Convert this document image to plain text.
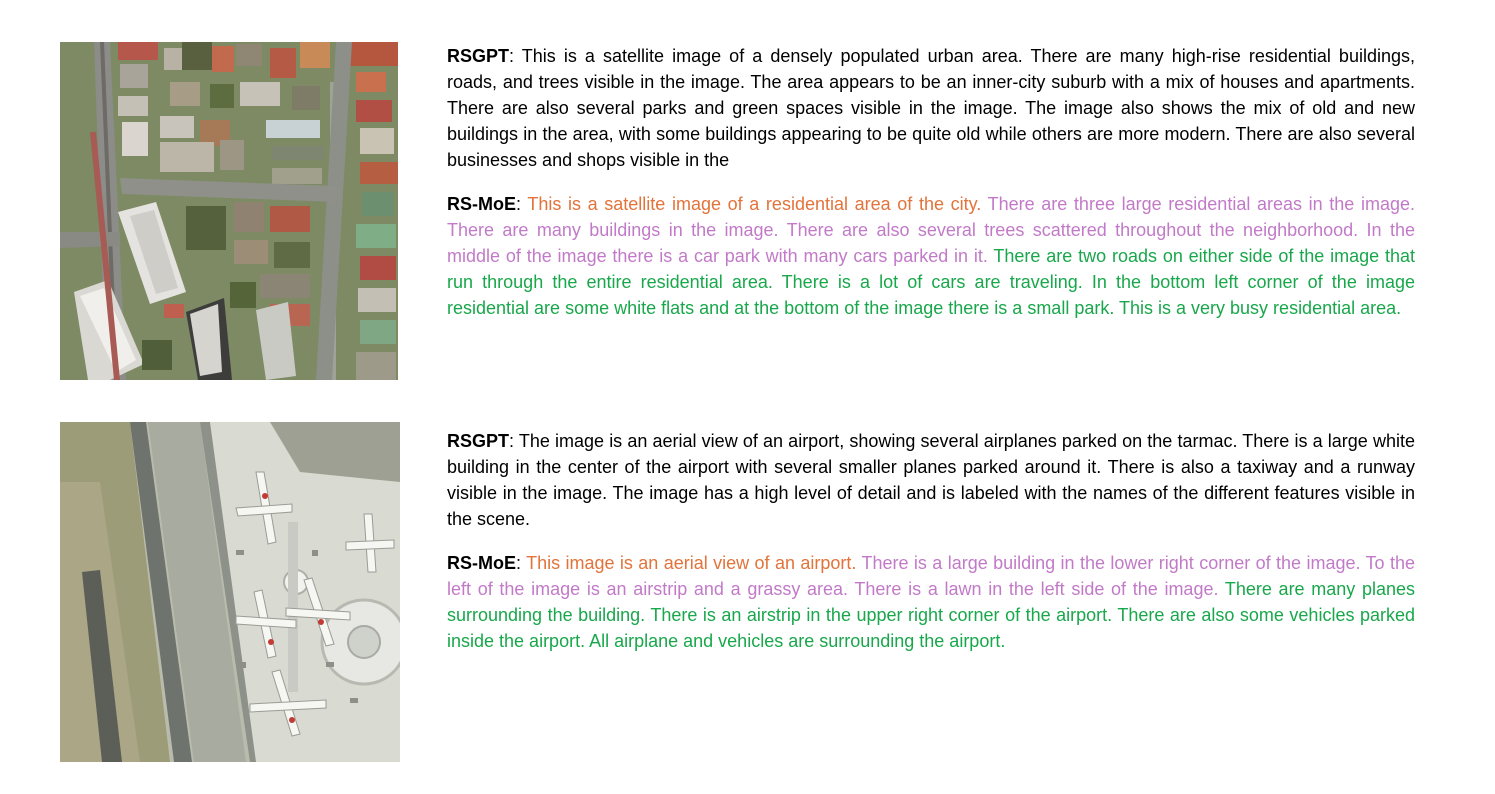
RSGPT: This is a satellite image of a densely populated urban area. There are many high-rise residential buildings, roads, and trees visible in the image. The area appears to be an inner-city suburb with a mix of houses and apartments. There are also several parks and green spaces visible in the image. The image also shows the mix of old and new buildings in the area, with some buildings appearing to be quite old while others are more modern. There are also several businesses and shops visible in the

RS-MoE: This is a satellite image of a residential area of the city. There are three large residential areas in the image. There are many buildings in the image. There are also several trees scattered throughout the neighborhood. In the middle of the image there is a car park with many cars parked in it. There are two roads on either side of the image that run through the entire residential area. There is a lot of cars are traveling. In the bottom left corner of the image residential are some white flats and at the bottom of the image there is a small park. This is a very busy residential area.

RSGPT: The image is an aerial view of an airport, showing several airplanes parked on the tarmac. There is a large white building in the center of the airport with several smaller planes parked around it. There is also a taxiway and a runway visible in the image. The image has a high level of detail and is labeled with the names of the different features visible in the scene.

RS-MoE: This image is an aerial view of an airport. There is a large building in the lower right corner of the image. To the left of the image is an airstrip and a grassy area. There is a lawn in the left side of the image. There are many planes surrounding the building. There is an airstrip in the upper right corner of the airport. There are also some vehicles parked inside the airport. All airplane and vehicles are surrounding the airport.
